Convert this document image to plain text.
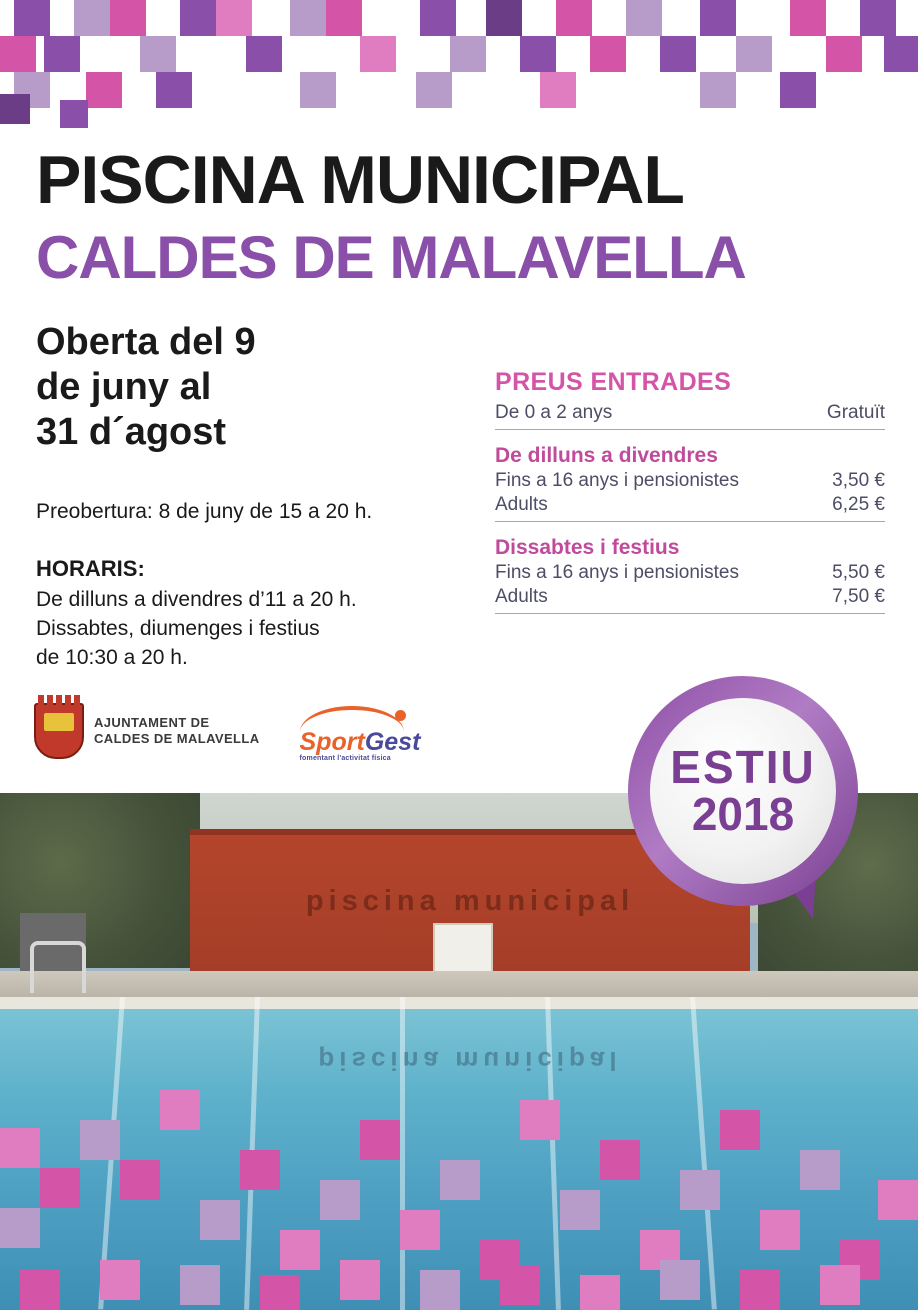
PISCINA MUNICIPAL
CALDES DE MALAVELLA
Oberta del 9
de juny al
31 d´agost
Preobertura: 8 de juny de 15 a 20 h.
HORARIS:
De dilluns a divendres d’11 a 20 h.
Dissabtes, diumenges i festius
de 10:30 a 20 h.
PREUS ENTRADES
De 0 a 2 anys	Gratuït
De dilluns a divendres
Fins a 16 anys i pensionistes	3,50 €
Adults	6,25 €
Dissabtes i festius
Fins a 16 anys i pensionistes	5,50 €
Adults	7,50 €
AJUNTAMENT DE
CALDES DE MALAVELLA SportGest
fomentant l'activitat física
piscina municipal
piscina municipal
ESTIU
2018
